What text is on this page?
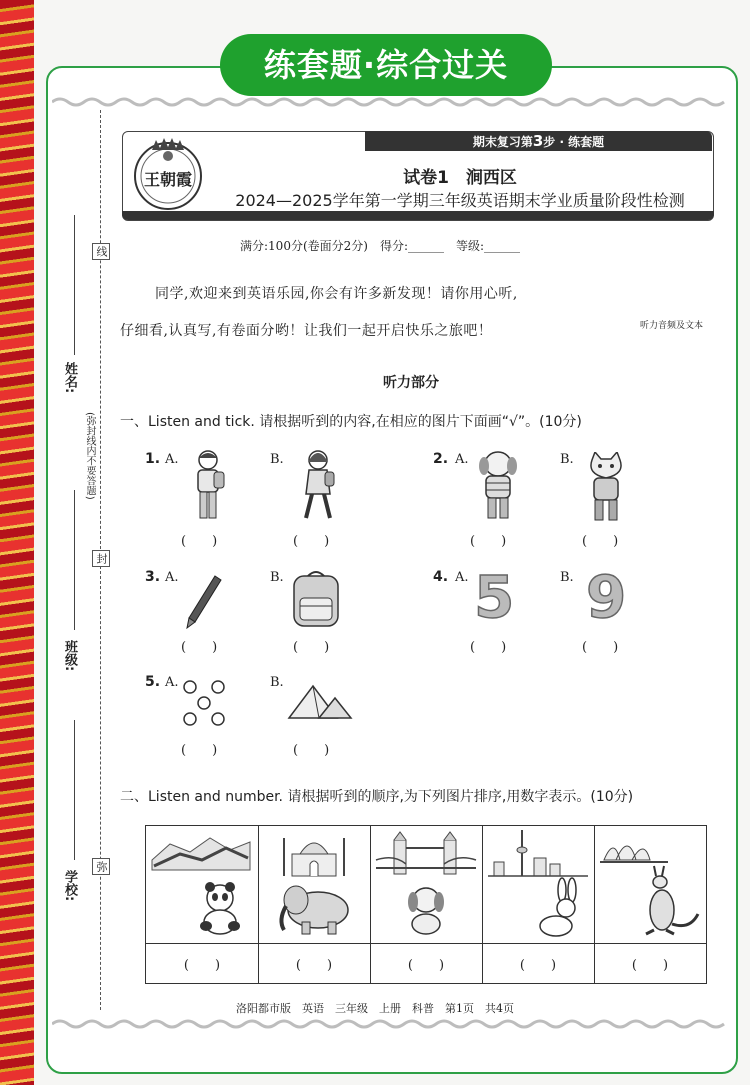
练套题·综合过关
线
封
弥
(弥封线内不要答题)
姓名:
班级:
学校:
期末复习第3步 · 练套题
王朝霞	试卷1　涧西区
2024—2025学年第一学期三年级英语期末学业质量阶段性检测
满分:100分(卷面分2分)　得分:______　等级:______
同学,欢迎来到英语乐园,你会有许多新发现！请你用心听,
仔细看,认真写,有卷面分哟！让我们一起开启快乐之旅吧！	听力音频及文本
听力部分
一、Listen and tick. 请根据听到的内容,在相应的图片下面画“√”。(10分)
1. A.
(　　)
B.
(　　)
2. A.
(　　)
B.
(　　)
3. A.
(　　)
B.
(　　)
4. A. 5
(　　)
B. 9
(　　)
5. A.
(　　)
B.
(　　)
二、Listen and number. 请根据听到的顺序,为下列图片排序,用数字表示。(10分)
(　　)	(　　)	(　　)	(　　)	(　　)
洛阳都市版　英语　三年级　上册　科普　第1页　共4页
